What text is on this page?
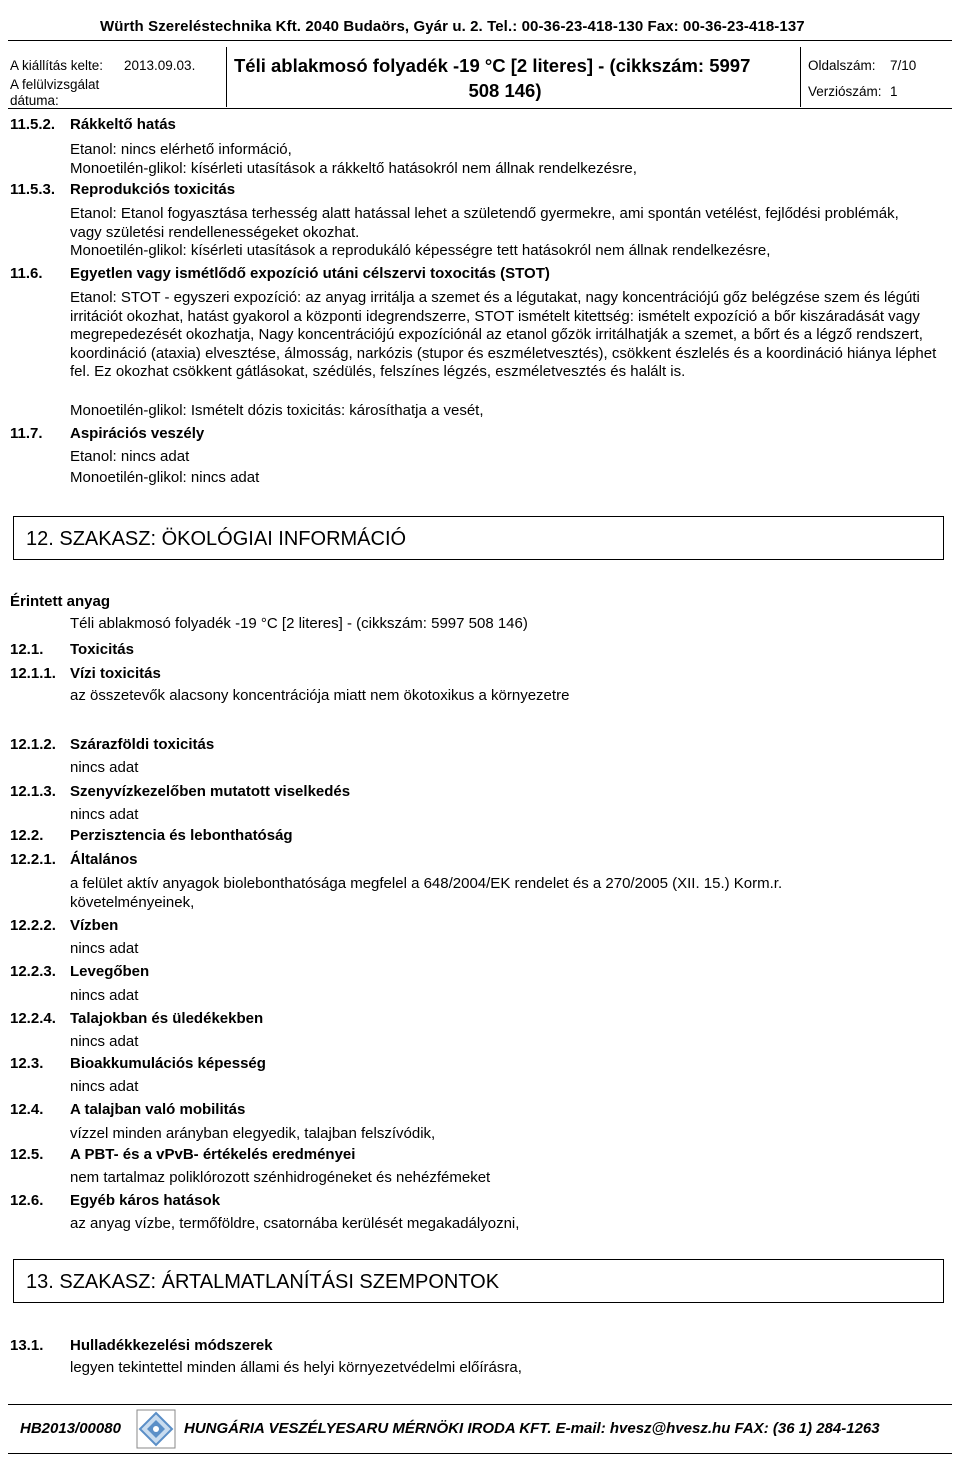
Würth Szereléstechnika Kft. 2040 Budaörs, Gyár u. 2. Tel.: 00-36-23-418-130 Fax: 00-36-23-418-137
A kiállítás kelte: 2013.09.03.
A felülvizsgálat
dátuma:
Téli ablakmosó folyadék -19 °C [2 literes] - (cikkszám: 5997
508 146)
Oldalszám: 7/10
Verziószám: 1
11.5.2. Rákkeltő hatás
Etanol: nincs elérhető információ,
Monoetilén-glikol: kísérleti utasítások a rákkeltő hatásokról nem állnak rendelkezésre,
11.5.3. Reprodukciós toxicitás
Etanol: Etanol fogyasztása terhesség alatt hatással lehet a születendő gyermekre, ami spontán vetélést, fejlődési problémák, vagy születési rendellenességeket okozhat.
Monoetilén-glikol: kísérleti utasítások a reprodukáló képességre tett hatásokról nem állnak rendelkezésre,
11.6. Egyetlen vagy ismétlődő expozíció utáni célszervi toxocitás (STOT)
Etanol: STOT - egyszeri expozíció: az anyag irritálja a szemet és a légutakat, nagy koncentrációjú gőz belégzése szem és légúti irritációt okozhat, hatást gyakorol a központi idegrendszerre, STOT ismételt kitettség: ismételt expozíció a bőr kiszáradását vagy megrepedezését okozhatja, Nagy koncentrációjú expozíciónál az etanol gőzök irritálhatják a szemet, a bőrt és a légző rendszert, koordináció (ataxia) elvesztése, álmosság, narkózis (stupor és eszméletvesztés), csökkent észlelés és a koordináció hiánya léphet fel. Ez okozhat csökkent gátlásokat, szédülés, felszínes légzés, eszméletvesztés és halált is.
Monoetilén-glikol: Ismételt dózis toxicitás: károsíthatja a vesét,
11.7. Aspirációs veszély
Etanol: nincs adat
Monoetilén-glikol: nincs adat
12. SZAKASZ: ÖKOLÓGIAI INFORMÁCIÓ
Érintett anyag
Téli ablakmosó folyadék -19 °C [2 literes] - (cikkszám: 5997 508 146)
12.1. Toxicitás
12.1.1. Vízi toxicitás
az összetevők alacsony koncentrációja miatt nem ökotoxikus a környezetre
12.1.2. Szárazföldi toxicitás
nincs adat
12.1.3. Szenyvízkezelőben mutatott viselkedés
nincs adat
12.2. Perzisztencia és lebonthatóság
12.2.1. Általános
a felület aktív anyagok biolebonthatósága megfelel a 648/2004/EK rendelet és a 270/2005 (XII. 15.) Korm.r. követelményeinek,
12.2.2. Vízben
nincs adat
12.2.3. Levegőben
nincs adat
12.2.4. Talajokban és üledékekben
nincs adat
12.3. Bioakkumulációs képesség
nincs adat
12.4. A talajban való mobilitás
vízzel minden arányban elegyedik, talajban felszívódik,
12.5. A PBT- és a vPvB- értékelés eredményei
nem tartalmaz poliklórozott szénhidrogéneket és nehézfémeket
12.6. Egyéb káros hatások
az anyag vízbe, termőföldre, csatornába kerülését megakadályozni,
13. SZAKASZ: ÁRTALMATLANÍTÁSI SZEMPONTOK
13.1. Hulladékkezelési módszerek
legyen tekintettel minden állami és helyi környezetvédelmi előírásra,
HB2013/00080	HUNGÁRIA VESZÉLYESARU MÉRNÖKI IRODA KFT. E-mail: hvesz@hvesz.hu FAX: (36 1) 284-1263
